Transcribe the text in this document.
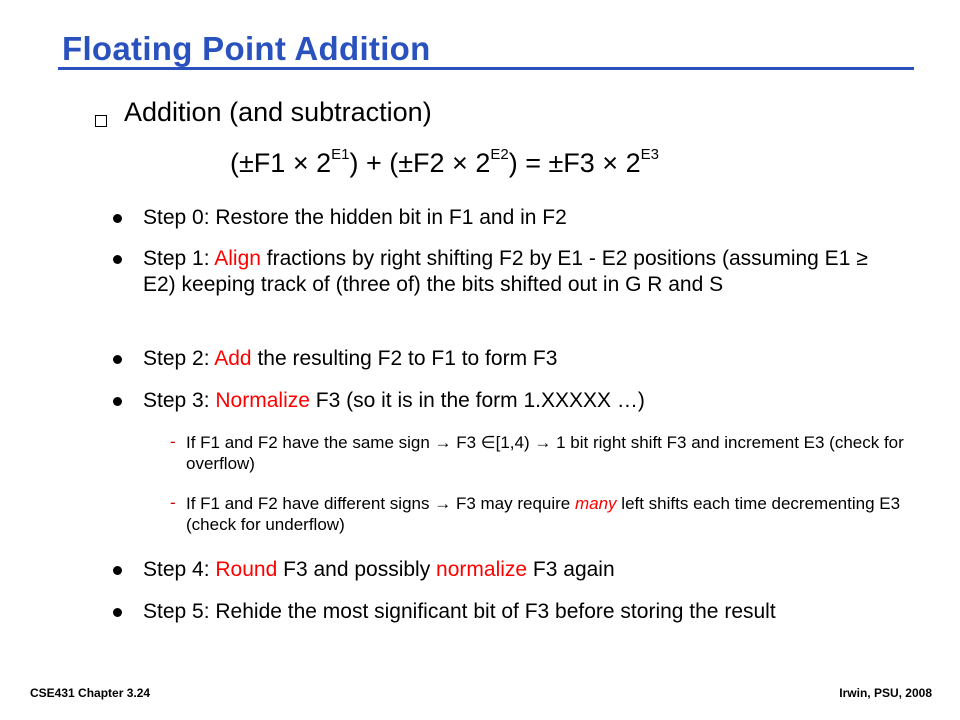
Floating Point Addition
Addition (and subtraction)
$(\pm F1 \times 2^{E1}) + (\pm F2 \times 2^{E2}) = \pm F3 \times 2^{E3}$
Step 0: Restore the hidden bit in F1 and in F2
Step 1: Align fractions by right shifting F2 by E1 - E2 positions (assuming E1 ≥ E2) keeping track of (three of) the bits shifted out in G R and S
Step 2: Add the resulting F2 to F1 to form F3
Step 3: Normalize F3 (so it is in the form 1.XXXXX …)
- If F1 and F2 have the same sign → F3 ∈[1,4) → 1 bit right shift F3 and increment E3 (check for overflow)
- If F1 and F2 have different signs → F3 may require many left shifts each time decrementing E3 (check for underflow)
Step 4: Round F3 and possibly normalize F3 again
Step 5: Rehide the most significant bit of F3 before storing the result
CSE431 Chapter 3.24	Irwin, PSU, 2008
